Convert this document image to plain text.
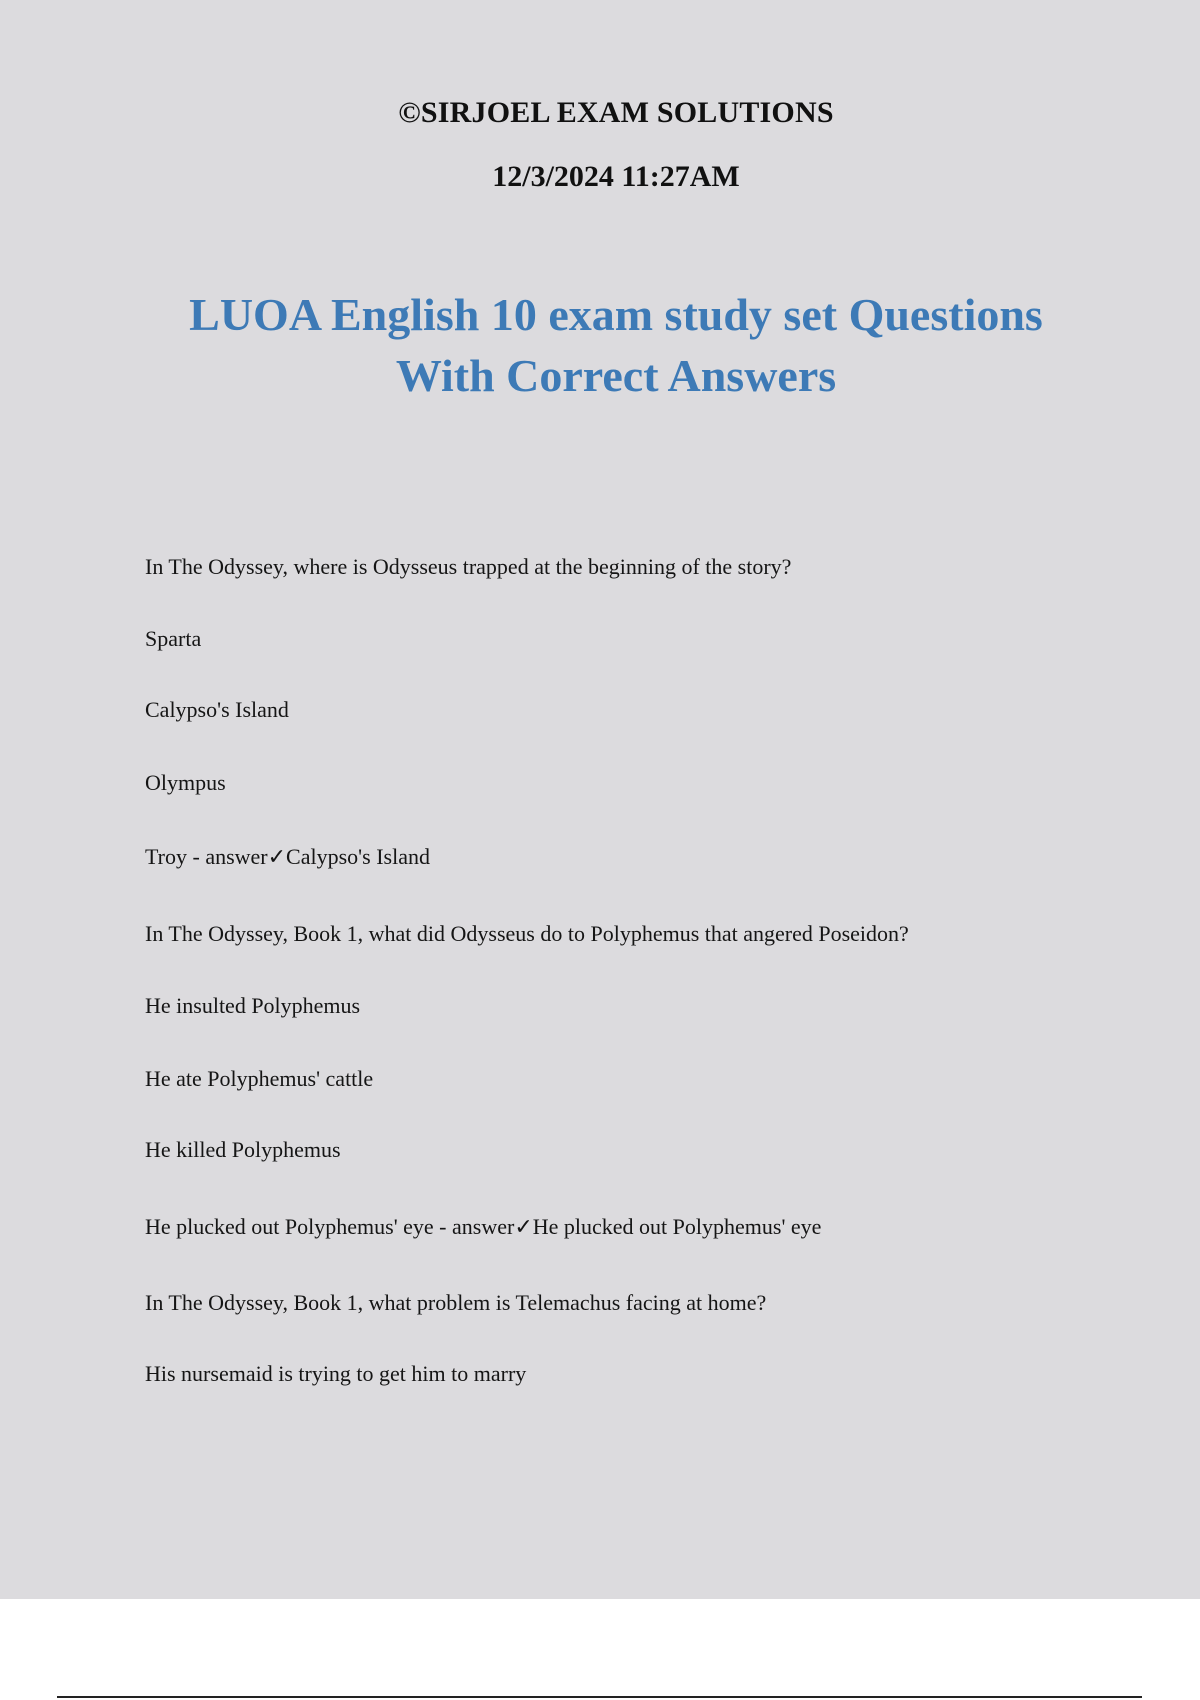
©SIRJOEL EXAM SOLUTIONS
12/3/2024 11:27AM
LUOA English 10 exam study set Questions
With Correct Answers
In The Odyssey, where is Odysseus trapped at the beginning of the story?
Sparta
Calypso's Island
Olympus
Troy - answer✓Calypso's Island
In The Odyssey, Book 1, what did Odysseus do to Polyphemus that angered Poseidon?
He insulted Polyphemus
He ate Polyphemus' cattle
He killed Polyphemus
He plucked out Polyphemus' eye - answer✓He plucked out Polyphemus' eye
In The Odyssey, Book 1, what problem is Telemachus facing at home?
His nursemaid is trying to get him to marry
